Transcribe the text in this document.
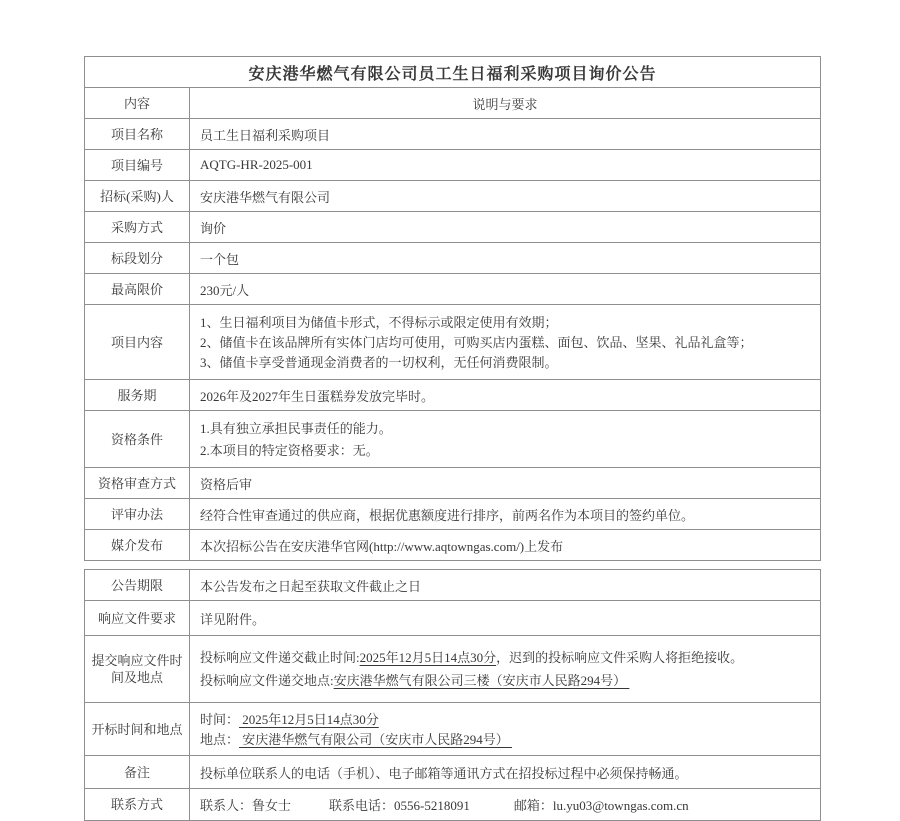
安庆港华燃气有限公司员工生日福利采购项目询价公告	
内容	说明与要求
项目名称	员工生日福利采购项目
项目编号	AQTG-HR-2025-001
招标(采购)人	安庆港华燃气有限公司
采购方式	询价
标段划分	一个包
最高限价	230元/人
项目内容	1、生日福利项目为储值卡形式，不得标示或限定使用有效期；

2、储值卡在该品牌所有实体门店均可使用，可购买店内蛋糕、面包、饮品、坚果、礼品礼盒等；

3、储值卡享受普通现金消费者的一切权利，无任何消费限制。

服务期	2026年及2027年生日蛋糕券发放完毕时。
资格条件	1.具有独立承担民事责任的能力。

2.本项目的特定资格要求：无。

资格审查方式	资格后审
评审办法	经符合性审查通过的供应商，根据优惠额度进行排序，前两名作为本项目的签约单位。
媒介发布	本次招标公告在安庆港华官网(http://www.aqtowngas.com/)上发布
公告期限	本公告发布之日起至获取文件截止之日
响应文件要求	详见附件。
提交响应文件时间及地点	投标响应文件递交截止时间:2025年12月5日14点30分，迟到的投标响应文件采购人将拒绝接收。

投标响应文件递交地点:安庆港华燃气有限公司三楼（安庆市人民路294号）

开标时间和地点	时间： 2025年12月5日14点30分

地点： 安庆港华燃气有限公司（安庆市人民路294号）

备注	投标单位联系人的电话（手机）、电子邮箱等通讯方式在招投标过程中必须保持畅通。
联系方式	联系人：鲁女士 联系电话：0556-5218091 邮箱：lu.yu03@towngas.com.cn
